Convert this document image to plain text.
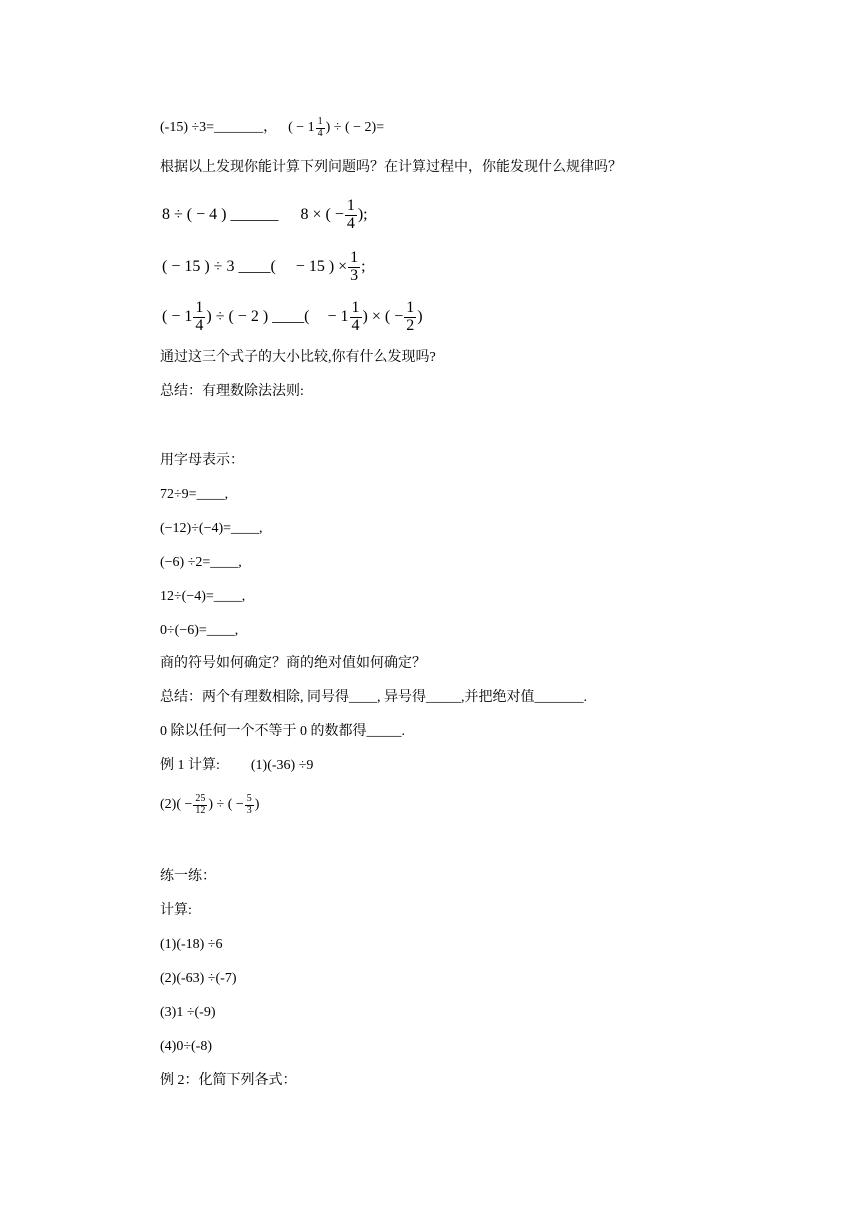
(-15) ÷3=_______， ( − $1 \frac{1}{4}$ ) ÷ ( − 2)=
根据以上发现你能计算下列问题吗？在计算过程中，你能发现什么规律吗？
8 ÷ ( − 4 ) ______ 8 × ( − $\frac{1}{4}$ );
( − 15 ) ÷ 3 ____( − 15 ) × $\frac{1}{3}$ ;
( − $1 \frac{1}{4}$ ) ÷ ( − 2 ) ____( − $1 \frac{1}{4}$ ) × ( − $\frac{1}{2}$ )
通过这三个式子的大小比较,你有什么发现吗?
总结：有理数除法法则:
用字母表示：
72÷9=____,
(−12)÷(−4)=____,
(−6) ÷2=____,
12÷(−4)=____,
0÷(−6)=____,
商的符号如何确定？商的绝对值如何确定？
总结：两个有理数相除, 同号得____, 异号得_____,并把绝对值_______.
0 除以任何一个不等于 0 的数都得_____.
例 1 计算: (1)(-36) ÷9
$(2)( - \frac{25}{12}$ ) ÷ ( − $\frac{5}{3}$ )
练一练：
计算:
(1)(-18) ÷6
(2)(-63) ÷(-7)
(3)1 ÷(-9)
(4)0÷(-8)
例 2：化简下列各式：
